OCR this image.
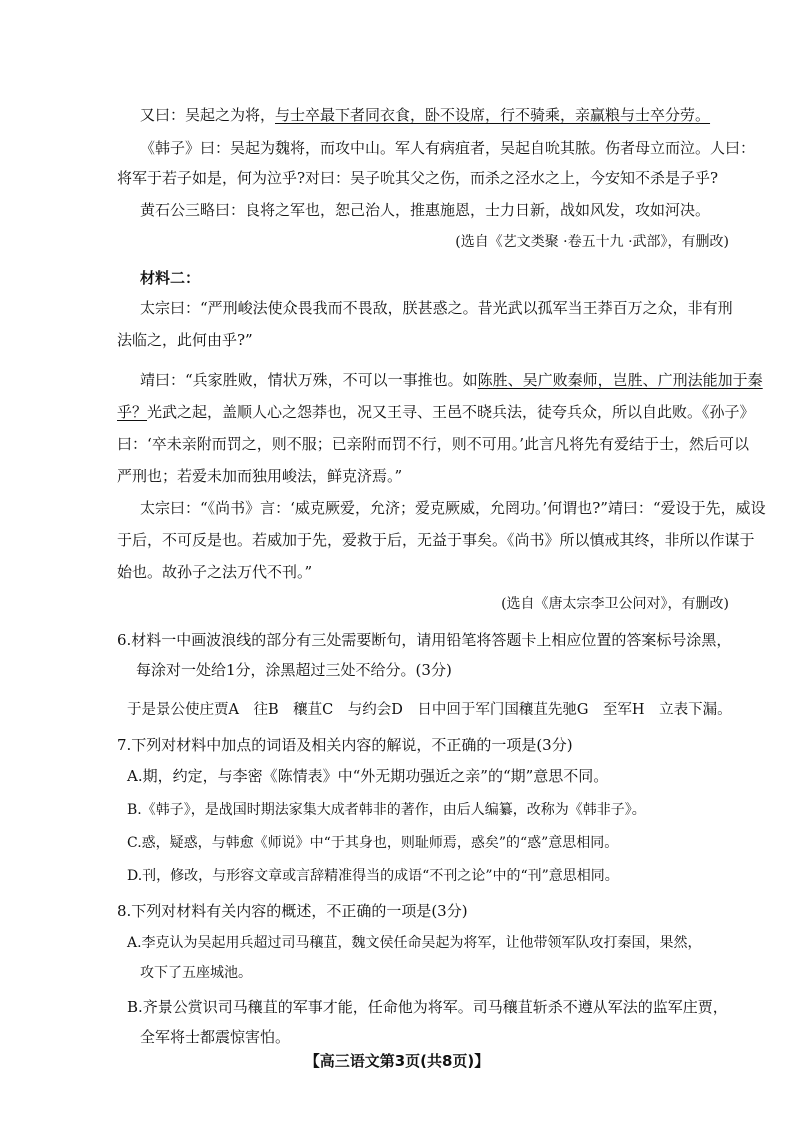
又曰：吴起之为将，与士卒最下者同衣食，卧不设席，行不骑乘，亲赢粮与士卒分劳。
《韩子》曰：吴起为魏将，而攻中山。军人有病疽者，吴起自吮其脓。伤者母立而泣。人曰：
将军于若子如是，何为泣乎?对曰：吴子吮其父之伤，而杀之泾水之上，今安知不杀是子乎?
黄石公三略曰：良将之军也，恕己治人，推惠施恩，士力日新，战如风发，攻如河决。
(选自《艺文类聚 ·卷五十九 ·武部》，有删改)
材料二：
太宗曰：“严刑峻法使众畏我而不畏敌，朕甚惑之。昔光武以孤军当王莽百万之众，非有刑
法临之，此何由乎?”
靖曰：“兵家胜败，情状万殊，不可以一事推也。如陈胜、吴广败秦师，岂胜、广刑法能加于秦
乎？光武之起，盖顺人心之怨莽也，况又王寻、王邑不晓兵法，徒夸兵众，所以自此败。《孙子》
曰：‘卒未亲附而罚之，则不服；已亲附而罚不行，则不可用。’此言凡将先有爱结于士，然后可以
严刑也；若爱未加而独用峻法，鲜克济焉。”
太宗曰：“《尚书》言：‘威克厥爱，允济；爱克厥威，允罔功。’何谓也?”靖曰：“爱设于先，威设
于后，不可反是也。若威加于先，爱救于后，无益于事矣。《尚书》所以慎戒其终，非所以作谋于
始也。故孙子之法万代不刊。”
(选自《唐太宗李卫公问对》，有删改)
6.材料一中画波浪线的部分有三处需要断句，请用铅笔将答题卡上相应位置的答案标号涂黑，
每涂对一处给1分，涂黑超过三处不给分。(3分)
于是景公使庄贾A　往B　穰苴C　与约会D　日中回于军门国穰苴先驰G　至军H　立表下漏。
7.下列对材料中加点的词语及相关内容的解说，不正确的一项是(3分)
A.期，约定，与李密《陈情表》中“外无期功强近之亲”的“期”意思不同。
B.《韩子》，是战国时期法家集大成者韩非的著作，由后人编纂，改称为《韩非子》。
C.惑，疑惑，与韩愈《师说》中“于其身也，则耻师焉，惑矣”的“惑”意思相同。
D.刊，修改，与形容文章或言辞精准得当的成语“不刊之论”中的“刊”意思相同。
8.下列对材料有关内容的概述，不正确的一项是(3分)
A.李克认为吴起用兵超过司马穰苴，魏文侯任命吴起为将军，让他带领军队攻打秦国，果然，
攻下了五座城池。
B.齐景公赏识司马穰苴的军事才能，任命他为将军。司马穰苴斩杀不遵从军法的监军庄贾，
全军将士都震惊害怕。
【高三语文第3页(共8页)】
